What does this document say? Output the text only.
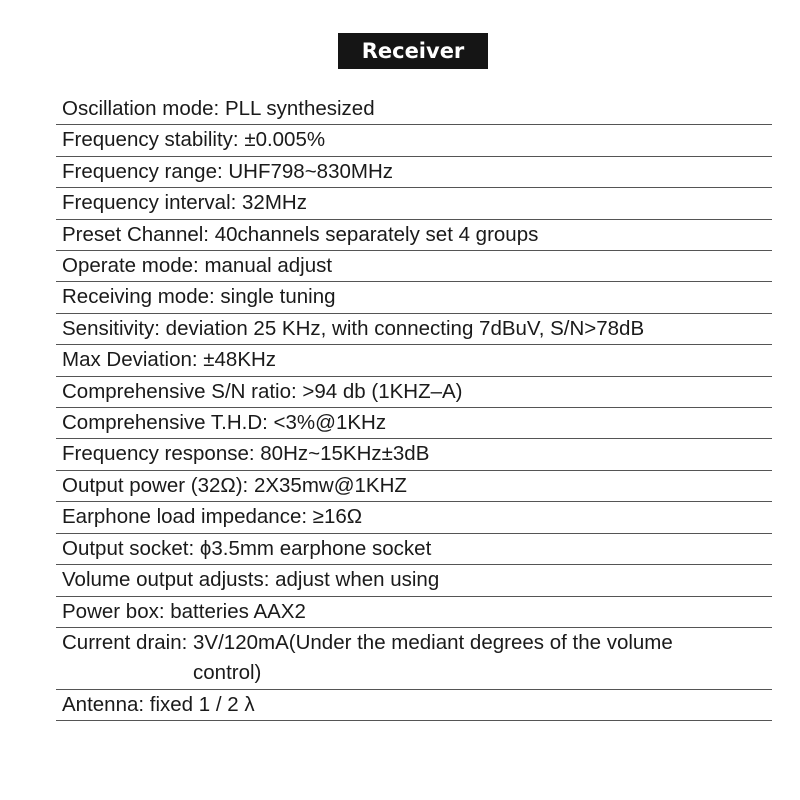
Receiver
Oscillation mode: PLL synthesized
Frequency stability: ±0.005%
Frequency range: UHF798~830MHz
Frequency interval: 32MHz
Preset Channel: 40channels separately set 4 groups
Operate mode: manual adjust
Receiving mode: single tuning
Sensitivity: deviation 25 KHz, with connecting 7dBuV, S/N>78dB
Max Deviation: ±48KHz
Comprehensive S/N ratio: >94 db (1KHZ–A)
Comprehensive T.H.D: <3%@1KHz
Frequency response: 80Hz~15KHz±3dB
Output power (32Ω): 2X35mw@1KHZ
Earphone load impedance: ≥16Ω
Output socket: ϕ3.5mm earphone socket
Volume output adjusts: adjust when using
Power box: batteries AAX2
Current drain: 3V/120mA(Under the mediant degrees of the volume control)
Antenna: fixed 1 / 2 λ
